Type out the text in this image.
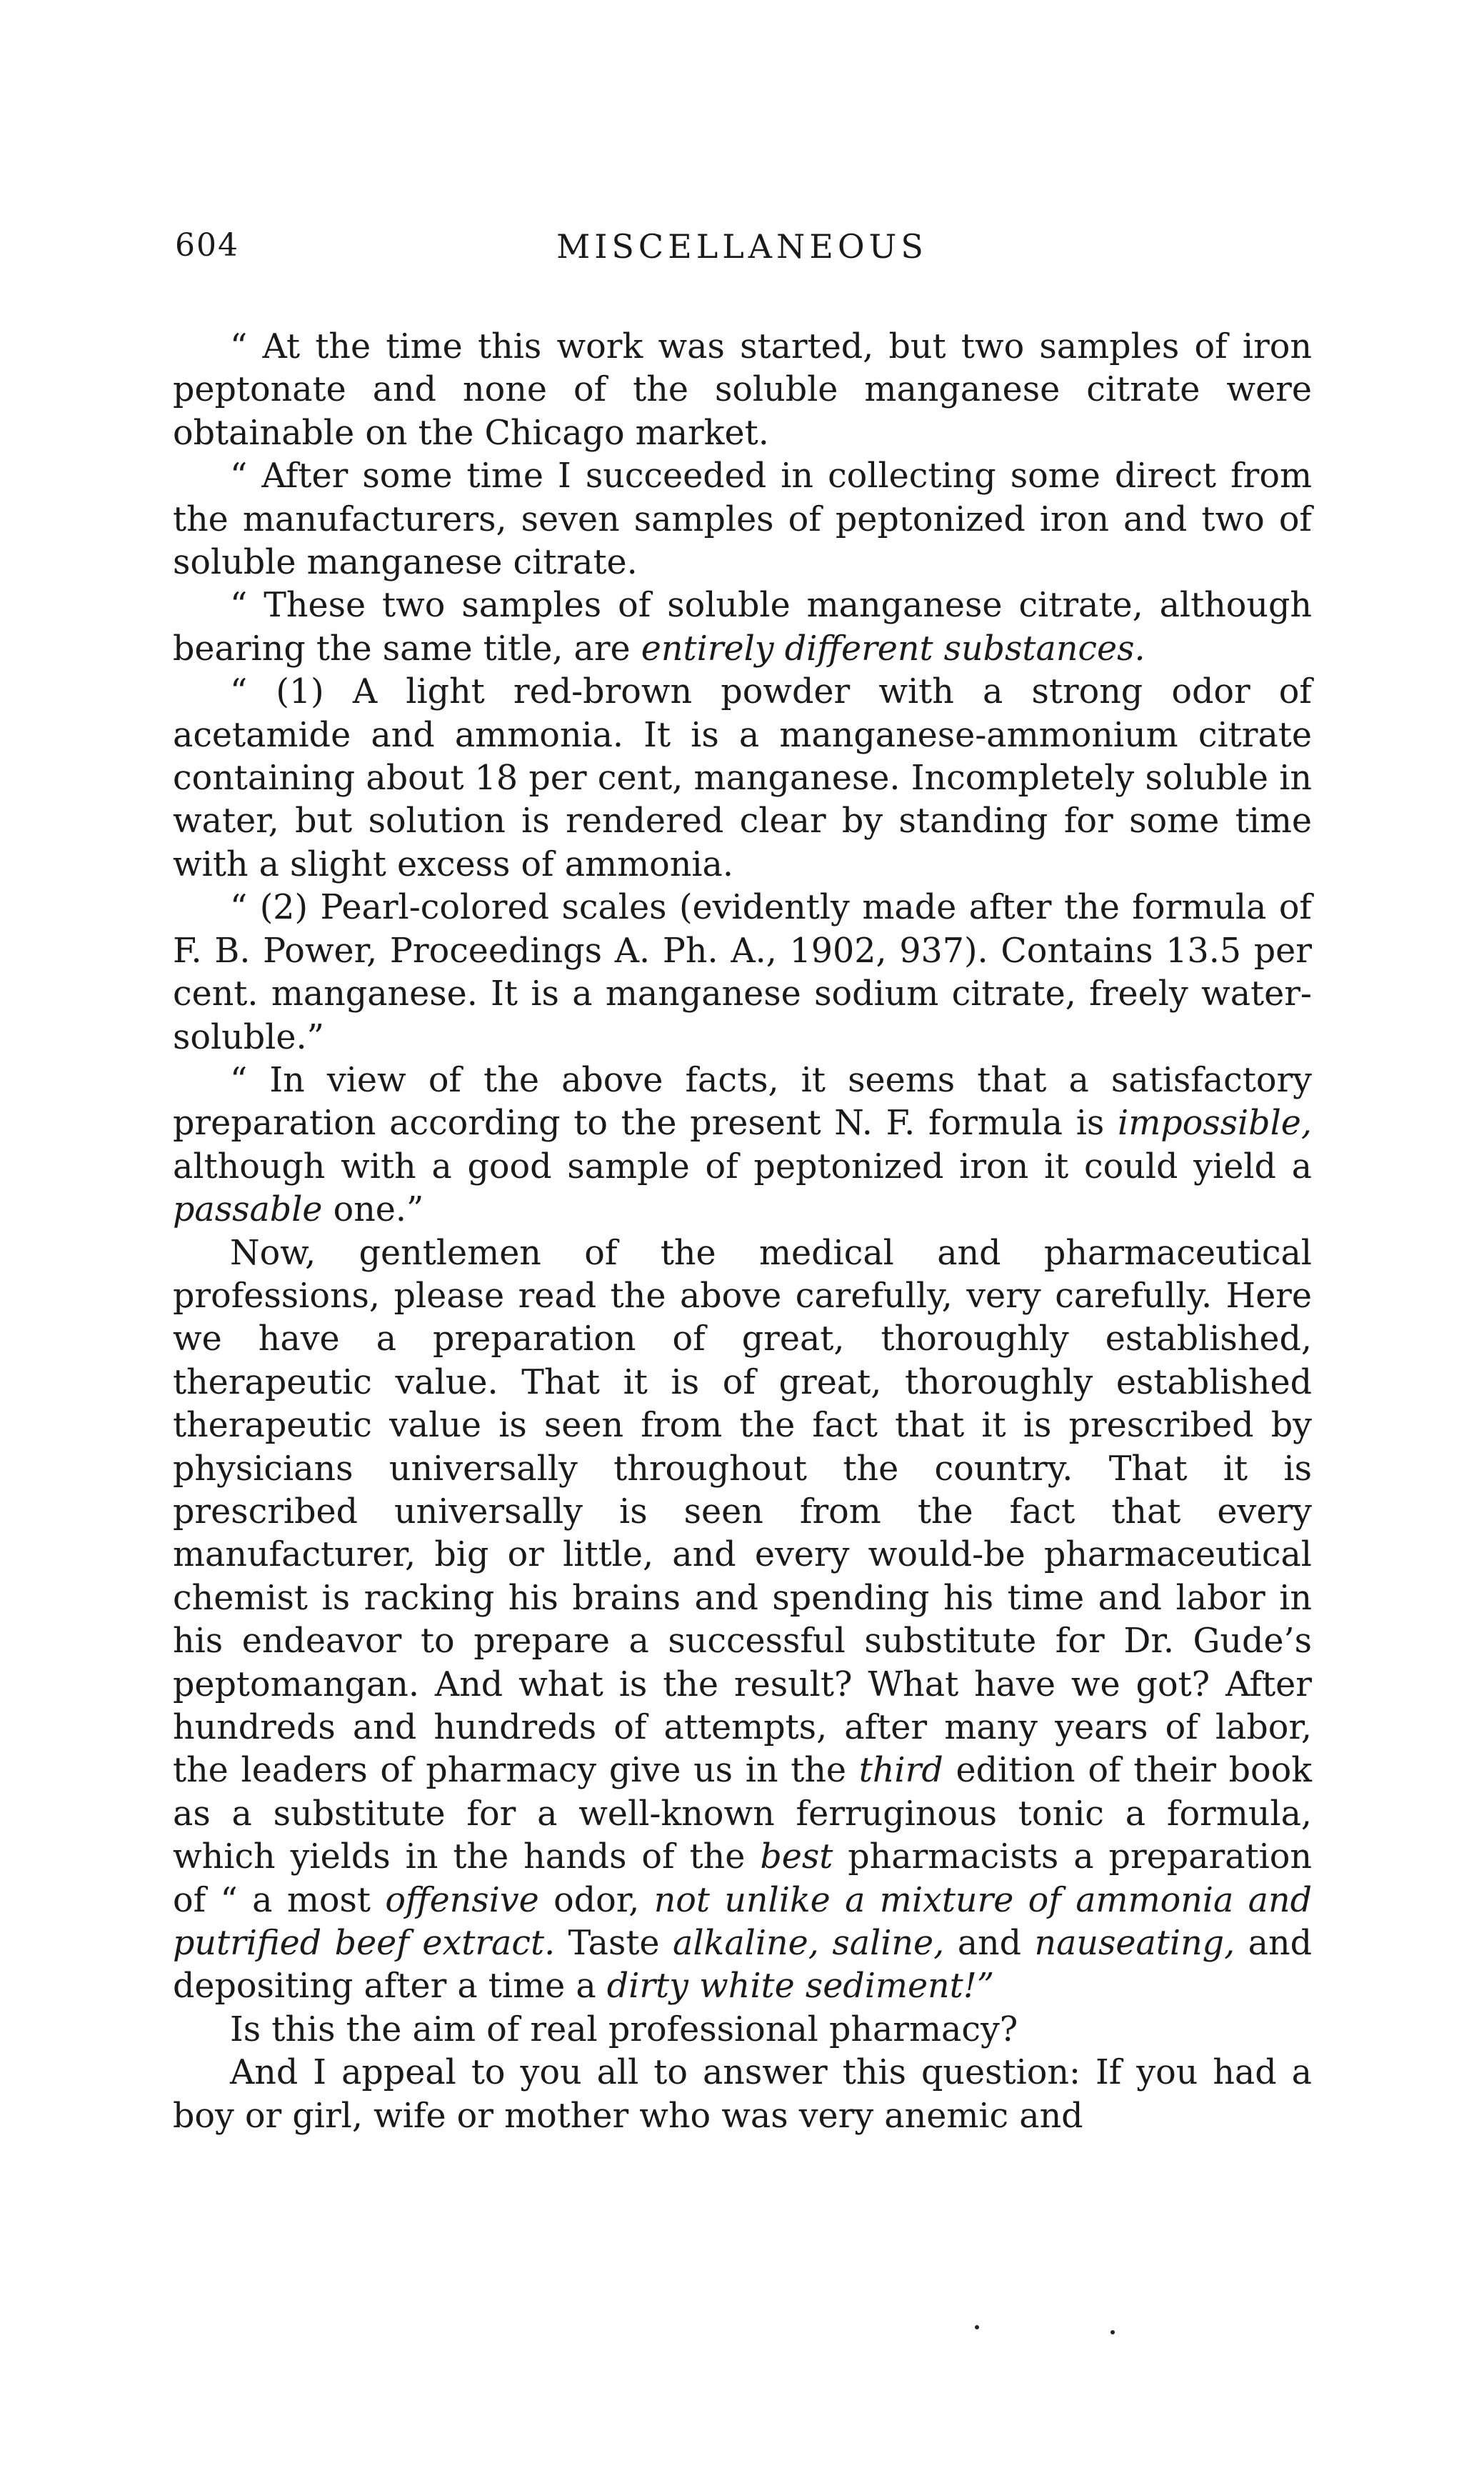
604	MISCELLANEOUS

“ At the time this work was started, but two samples of iron peptonate and none of the soluble manganese citrate were obtainable on the Chicago market.

“ After some time I succeeded in collecting some direct from the manufacturers, seven samples of peptonized iron and two of soluble manganese citrate.

“ These two samples of soluble manganese citrate, although bearing the same title, are entirely different substances.

“ (1) A light red-brown powder with a strong odor of acetamide and ammonia. It is a manganese-ammonium citrate containing about 18 per cent, manganese. Incompletely soluble in water, but solution is rendered clear by standing for some time with a slight excess of ammonia.

“ (2) Pearl-colored scales (evidently made after the formula of F. B. Power, Proceedings A. Ph. A., 1902, 937). Contains 13.5 per cent. manganese. It is a manganese sodium citrate, freely water-soluble.”

“ In view of the above facts, it seems that a satisfactory preparation according to the present N. F. formula is impossible, although with a good sample of peptonized iron it could yield a passable one.”

Now, gentlemen of the medical and pharmaceutical professions, please read the above carefully, very carefully. Here we have a preparation of great, thoroughly established, therapeutic value. That it is of great, thoroughly established therapeutic value is seen from the fact that it is prescribed by physicians universally throughout the country. That it is prescribed universally is seen from the fact that every manufacturer, big or little, and every would-be pharmaceutical chemist is racking his brains and spending his time and labor in his endeavor to prepare a successful substitute for Dr. Gude’s peptomangan. And what is the result? What have we got? After hundreds and hundreds of attempts, after many years of labor, the leaders of pharmacy give us in the third edition of their book as a substitute for a well-known ferruginous tonic a formula, which yields in the hands of the best pharmacists a preparation of “ a most offensive odor, not unlike a mixture of ammonia and putrified beef extract. Taste alkaline, saline, and nauseating, and depositing after a time a dirty white sediment!”

Is this the aim of real professional pharmacy?

And I appeal to you all to answer this question: If you had a boy or girl, wife or mother who was very anemic and
